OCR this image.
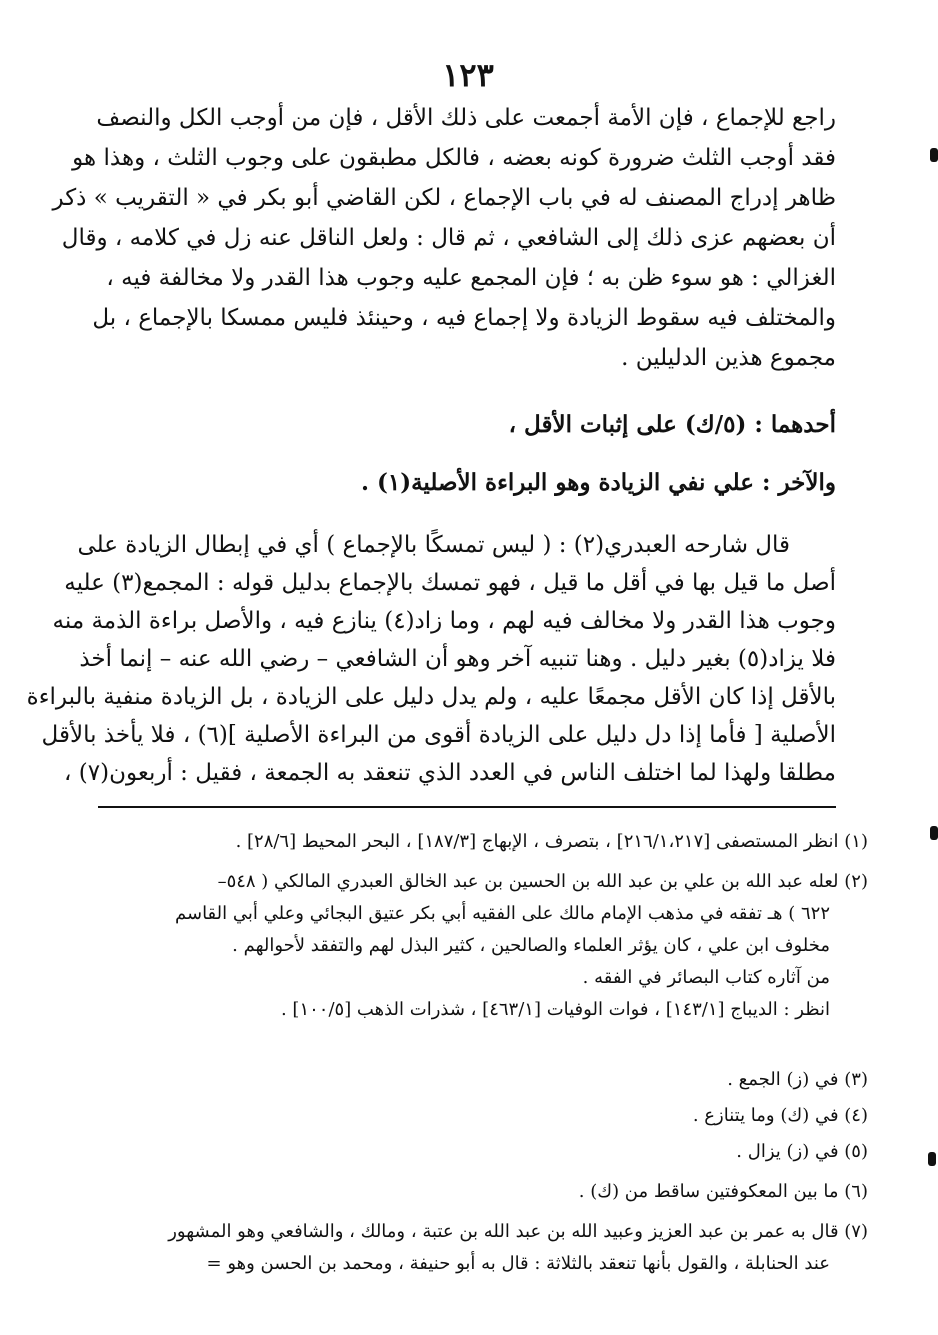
١٢٣
راجع للإجماع ، فإن الأمة أجمعت على ذلك الأقل ، فإن من أوجب الكل والنصف
فقد أوجب الثلث ضرورة كونه بعضه ، فالكل مطبقون على وجوب الثلث ، وهذا هو
ظاهر إدراج المصنف له في باب الإجماع ، لكن القاضي أبو بكر في « التقريب » ذكر
أن بعضهم عزى ذلك إلى الشافعي ، ثم قال : ولعل الناقل عنه زل في كلامه ، وقال
الغزالي : هو سوء ظن به ؛ فإن المجمع عليه وجوب هذا القدر ولا مخالفة فيه ،
والمختلف فيه سقوط الزيادة ولا إجماع فيه ، وحينئذ فليس ممسكا بالإجماع ، بل
مجموع هذين الدليلين .
أحدهما : (٥/ك) على إثبات الأقل ،
والآخر : علي نفي الزيادة وهو البراءة الأصلية(١) .
قال شارحه العبدري(٢) : ( ليس تمسكًا بالإجماع ) أي في إبطال الزيادة على
أصل ما قيل بها في أقل ما قيل ، فهو تمسك بالإجماع بدليل قوله : المجمع(٣) عليه
وجوب هذا القدر ولا مخالف فيه لهم ، وما زاد(٤) ينازع فيه ، والأصل براءة الذمة منه
فلا يزاد(٥) بغير دليل . وهنا تنبيه آخر وهو أن الشافعي – رضي الله عنه – إنما أخذ
بالأقل إذا كان الأقل مجمعًا عليه ، ولم يدل دليل على الزيادة ، بل الزيادة منفية بالبراءة
الأصلية [ فأما إذا دل دليل على الزيادة أقوى من البراءة الأصلية ](٦) ، فلا يأخذ بالأقل
مطلقا ولهذا لما اختلف الناس في العدد الذي تنعقد به الجمعة ، فقيل : أربعون(٧) ،
(١) انظر المستصفى [٢١٦/١،٢١٧] ، بتصرف ، الإبهاج [١٨٧/٣] ، البحر المحيط [٢٨/٦] .
(٢) لعله عبد الله بن علي بن عبد الله بن الحسين بن عبد الخالق العبدري المالكي ( ٥٤٨–
٦٢٢ ) هـ تفقه في مذهب الإمام مالك على الفقيه أبي بكر عتيق البجائي وعلي أبي القاسم
مخلوف ابن علي ، كان يؤثر العلماء والصالحين ، كثير البذل لهم والتفقد لأحوالهم .
من آثاره كتاب البصائر في الفقه .
انظر : الديباج [١٤٣/١] ، فوات الوفيات [٤٦٣/١] ، شذرات الذهب [١٠٠/٥] .
(٣) في (ز) الجمع .
(٤) في (ك) وما يتنازع .
(٥) في (ز) يزال .
(٦) ما بين المعكوفتين ساقط من (ك) .
(٧) قال به عمر بن عبد العزيز وعبيد الله بن عبد الله بن عتبة ، ومالك ، والشافعي وهو المشهور
عند الحنابلة ، والقول بأنها تنعقد بالثلاثة : قال به أبو حنيفة ، ومحمد بن الحسن وهو =
